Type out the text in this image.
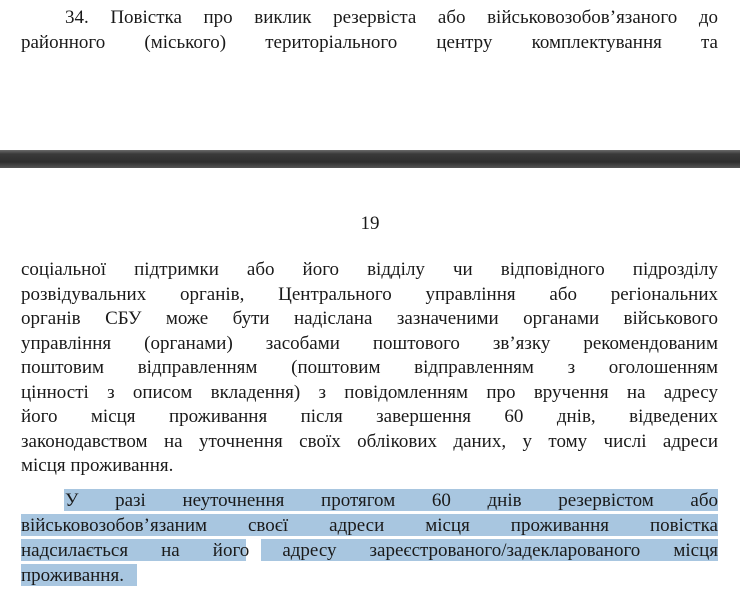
34. Повістка про виклик резервіста або військовозобов’язаного до
районного (міського) територіального центру комплектування та
19
соціальної підтримки або його відділу чи відповідного підрозділу
розвідувальних органів, Центрального управління або регіональних
органів СБУ може бути надіслана зазначеними органами військового
управління (органами) засобами поштового зв’язку рекомендованим
поштовим відправленням (поштовим відправленням з оголошенням
цінності з описом вкладення) з повідомленням про вручення на адресу
його місця проживання після завершення 60 днів, відведених
законодавством на уточнення своїх облікових даних, у тому числі адреси
місця проживання.
У разі неуточнення протягом 60 днів резервістом або
військовозобов’язаним своєї адреси місця проживання повістка
надсилається на його адресу зареєстрованого/задекларованого місця
проживання.
